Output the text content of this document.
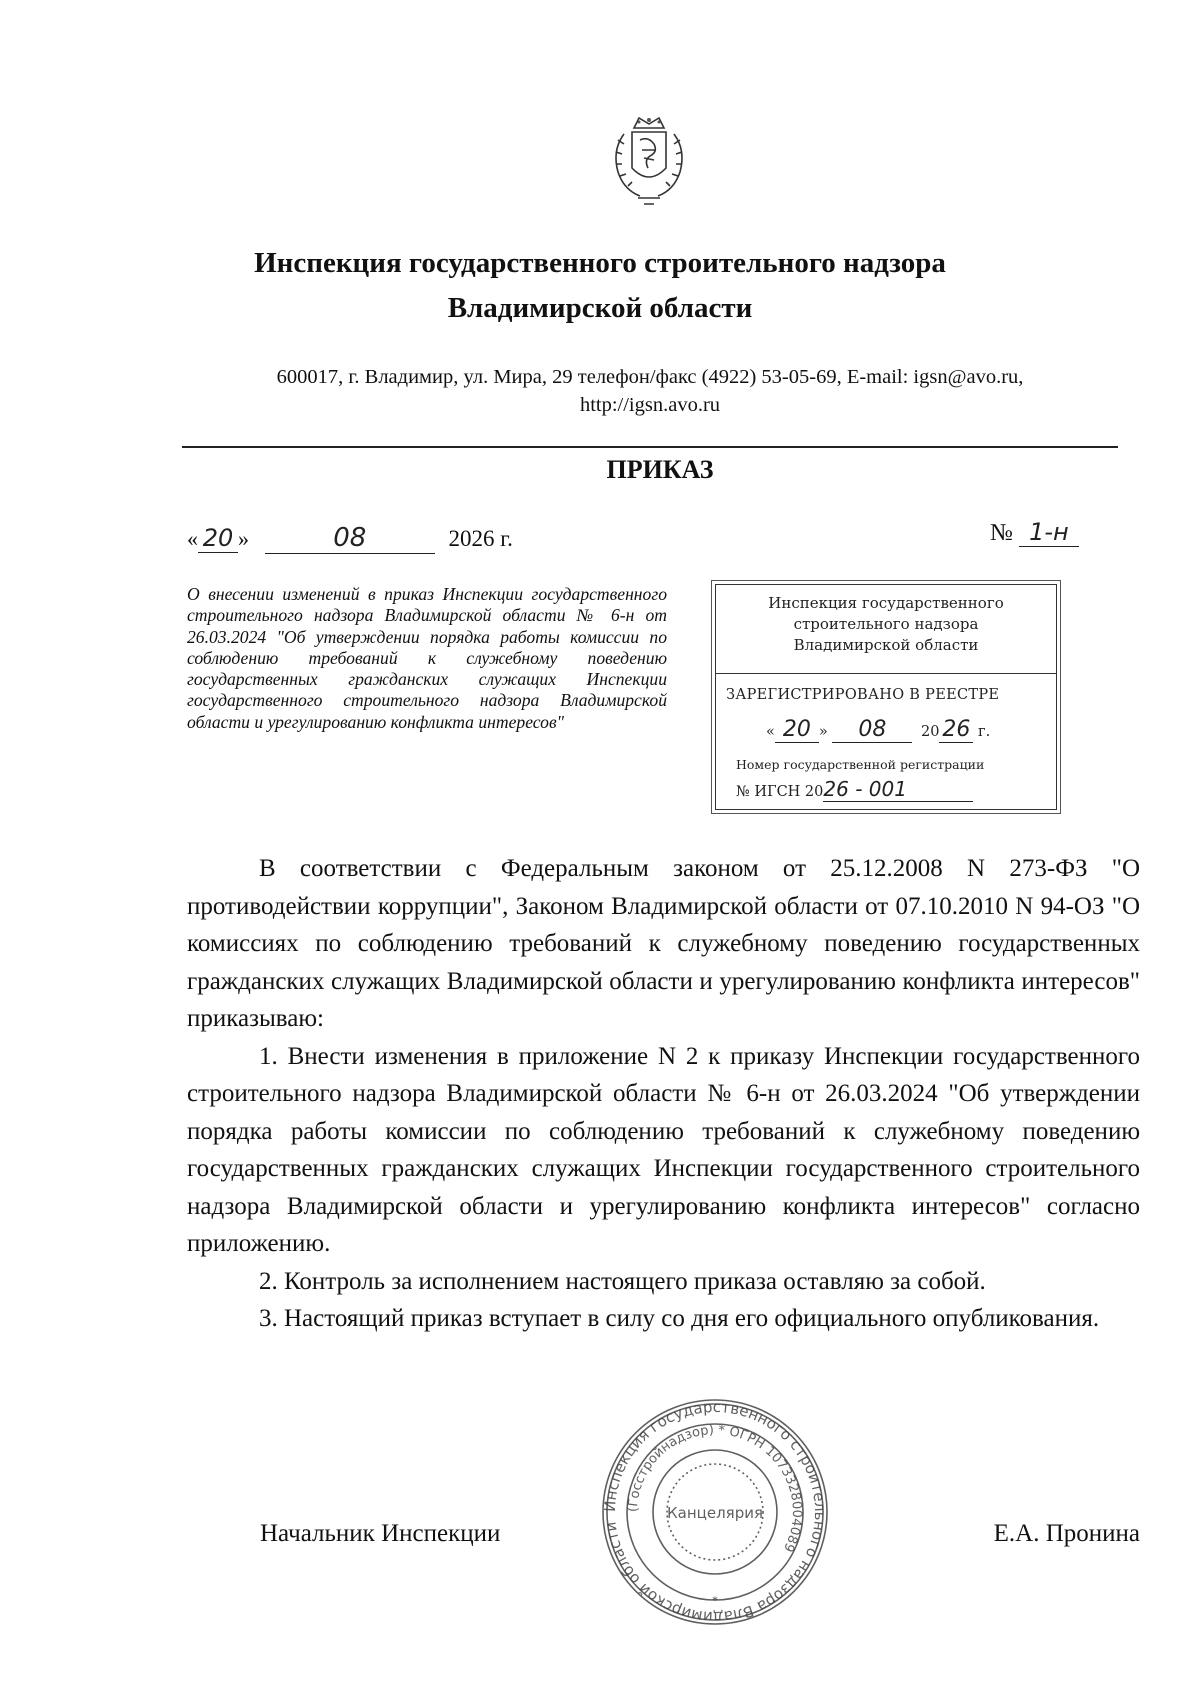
Инспекция государственного строительного надзора
Владимирской области
600017, г. Владимир, ул. Мира, 29 телефон/факс (4922) 53-05-69, E-mail: igsn@avo.ru,
http://igsn.avo.ru
ПРИКАЗ
« 20 »	08	2026 г.	№ 1-н
О внесении изменений в приказ Инспекции государственного строительного надзора Владимирской области № 6-н от 26.03.2024 "Об утверждении порядка работы комиссии по соблюдению требований к служебному поведению государственных гражданских служащих Инспекции государственного строительного надзора Владимирской области и урегулированию конфликта интересов"
Инспекция государственного
строительного надзора
Владимирской области
ЗАРЕГИСТРИРОВАНО В РЕЕСТРЕ
« 20 » 08 20 26 г.
Номер государственной регистрации
№ ИГСН 2026 - 001

В соответствии с Федеральным законом от 25.12.2008 N 273-ФЗ "О противодействии коррупции", Законом Владимирской области от 07.10.2010 N 94-ОЗ "О комиссиях по соблюдению требований к служебному поведению государственных гражданских служащих Владимирской области и урегулированию конфликта интересов" приказываю:

1. Внести изменения в приложение N 2 к приказу Инспекции государственного строительного надзора Владимирской области № 6-н от 26.03.2024 "Об утверждении порядка работы комиссии по соблюдению требований к служебному поведению государственных гражданских служащих Инспекции государственного строительного надзора Владимирской области и урегулированию конфликта интересов" согласно приложению.

2. Контроль за исполнением настоящего приказа оставляю за собой.

3. Настоящий приказ вступает в силу со дня его официального опубликования.

Начальник Инспекции	Е.А. Пронина
Инспекция государственного строительного надзора Владимирской области
(Госстройнадзор) * ОГРН 1073328004089
Канцелярия
*
